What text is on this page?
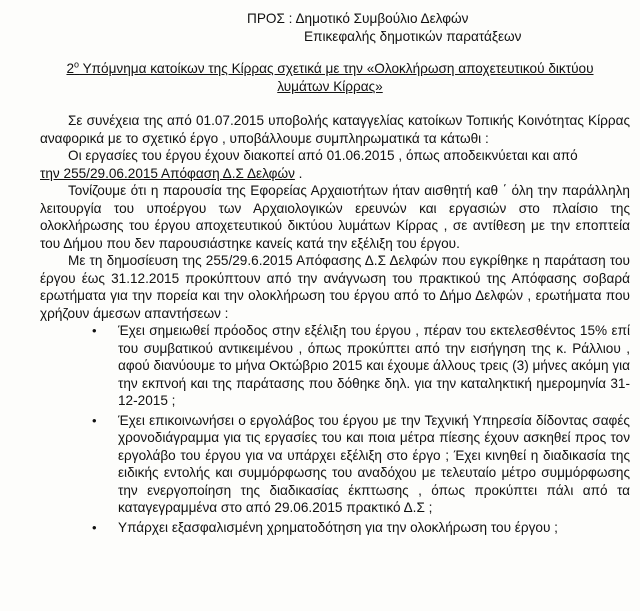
ΠΡΟΣ : Δημοτικό Συμβούλιο Δελφών
Επικεφαλής δημοτικών παρατάξεων
$2^o$ Υπόμνημα κατοίκων της Κίρρας σχετικά με την «Ολοκλήρωση αποχετευτικού δικτύου λυμάτων Κίρρας»

Σε συνέχεια της από 01.07.2015 υποβολής καταγγελίας κατοίκων Τοπικής Κοινότητας Κίρρας αναφορικά με το σχετικό έργο , υποβάλλουμε συμπληρωματικά τα κάτωθι :

Οι εργασίες του έργου έχουν διακοπεί από 01.06.2015 , όπως αποδεικνύεται και από

την 255/29.06.2015 Απόφαση Δ.Σ Δελφών .

Τονίζουμε ότι η παρουσία της Εφορείας Αρχαιοτήτων ήταν αισθητή καθ ΄ όλη την παράλληλη λειτουργία του υποέργου των Αρχαιολογικών ερευνών και εργασιών στο πλαίσιο της ολοκλήρωσης του έργου αποχετευτικού δικτύου λυμάτων Κίρρας , σε αντίθεση με την εποπτεία του Δήμου που δεν παρουσιάστηκε κανείς κατά την εξέλιξη του έργου.

Με τη δημοσίευση της 255/29.6.2015 Απόφασης Δ.Σ Δελφών που εγκρίθηκε η παράταση του έργου έως 31.12.2015 προκύπτουν από την ανάγνωση του πρακτικού της Απόφασης σοβαρά ερωτήματα για την πορεία και την ολοκλήρωση του έργου από το Δήμο Δελφών , ερωτήματα που χρήζουν άμεσων απαντήσεων :

• Έχει σημειωθεί πρόοδος στην εξέλιξη του έργου , πέραν του εκτελεσθέντος 15% επί του συμβατικού αντικειμένου , όπως προκύπτει από την εισήγηση της κ. Ράλλιου , αφού διανύουμε το μήνα Οκτώβριο 2015 και έχουμε άλλους τρεις (3) μήνες ακόμη για την εκπνοή και της παράτασης που δόθηκε δηλ. για την καταληκτική ημερομηνία 31-12-2015 ;
• Έχει επικοινωνήσει ο εργολάβος του έργου με την Τεχνική Υπηρεσία δίδοντας σαφές χρονοδιάγραμμα για τις εργασίες του και ποια μέτρα πίεσης έχουν ασκηθεί προς τον εργολάβο του έργου για να υπάρχει εξέλιξη στο έργο ; Έχει κινηθεί η διαδικασία της ειδικής εντολής και συμμόρφωσης του αναδόχου με τελευταίο μέτρο συμμόρφωσης την ενεργοποίηση της διαδικασίας έκπτωσης , όπως προκύπτει πάλι από τα καταγεγραμμένα στο από 29.06.2015 πρακτικό Δ.Σ ;
• Υπάρχει εξασφαλισμένη χρηματοδότηση για την ολοκλήρωση του έργου ;
